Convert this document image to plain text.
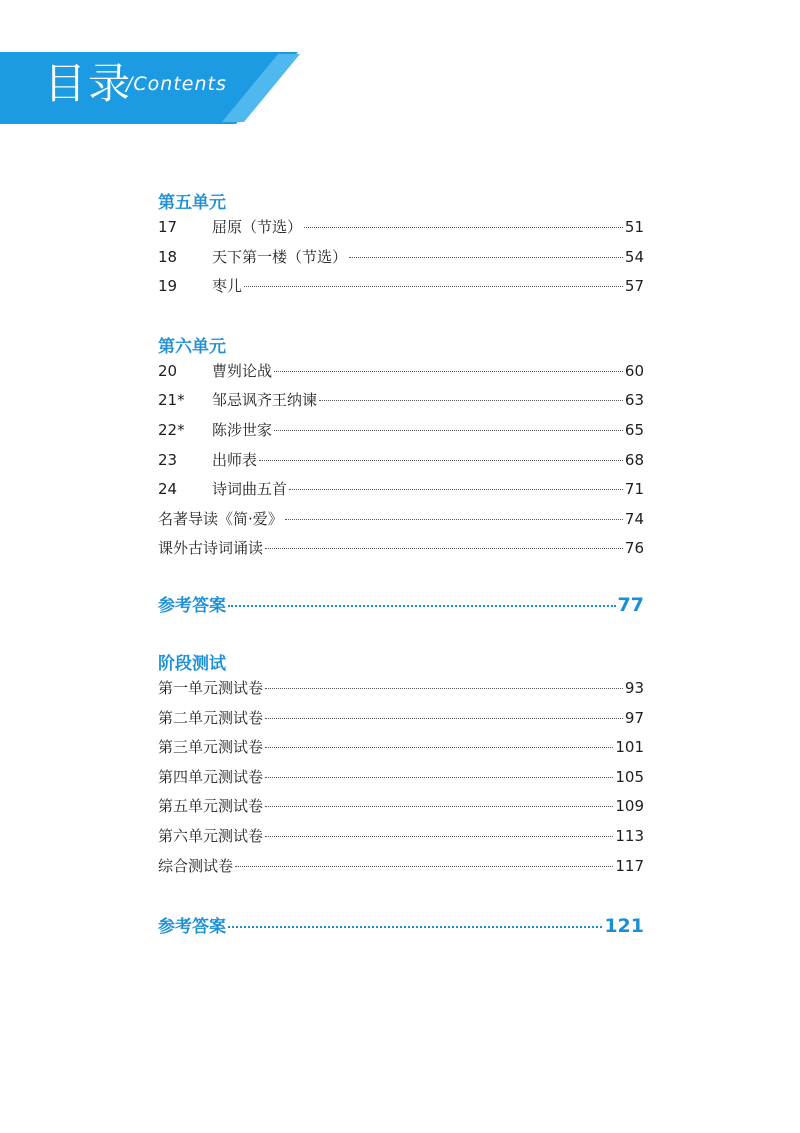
目录
/Contents
第五单元
17	屈原（节选）	51
18	天下第一楼（节选）	54
19	枣儿	57
第六单元
20	曹刿论战	60
21*	邹忌讽齐王纳谏	63
22*	陈涉世家	65
23	出师表	68
24	诗词曲五首	71
名著导读《简·爱》	74
课外古诗词诵读	76
参考答案	77
阶段测试
第一单元测试卷	93
第二单元测试卷	97
第三单元测试卷	101
第四单元测试卷	105
第五单元测试卷	109
第六单元测试卷	113
综合测试卷	117
参考答案	121
